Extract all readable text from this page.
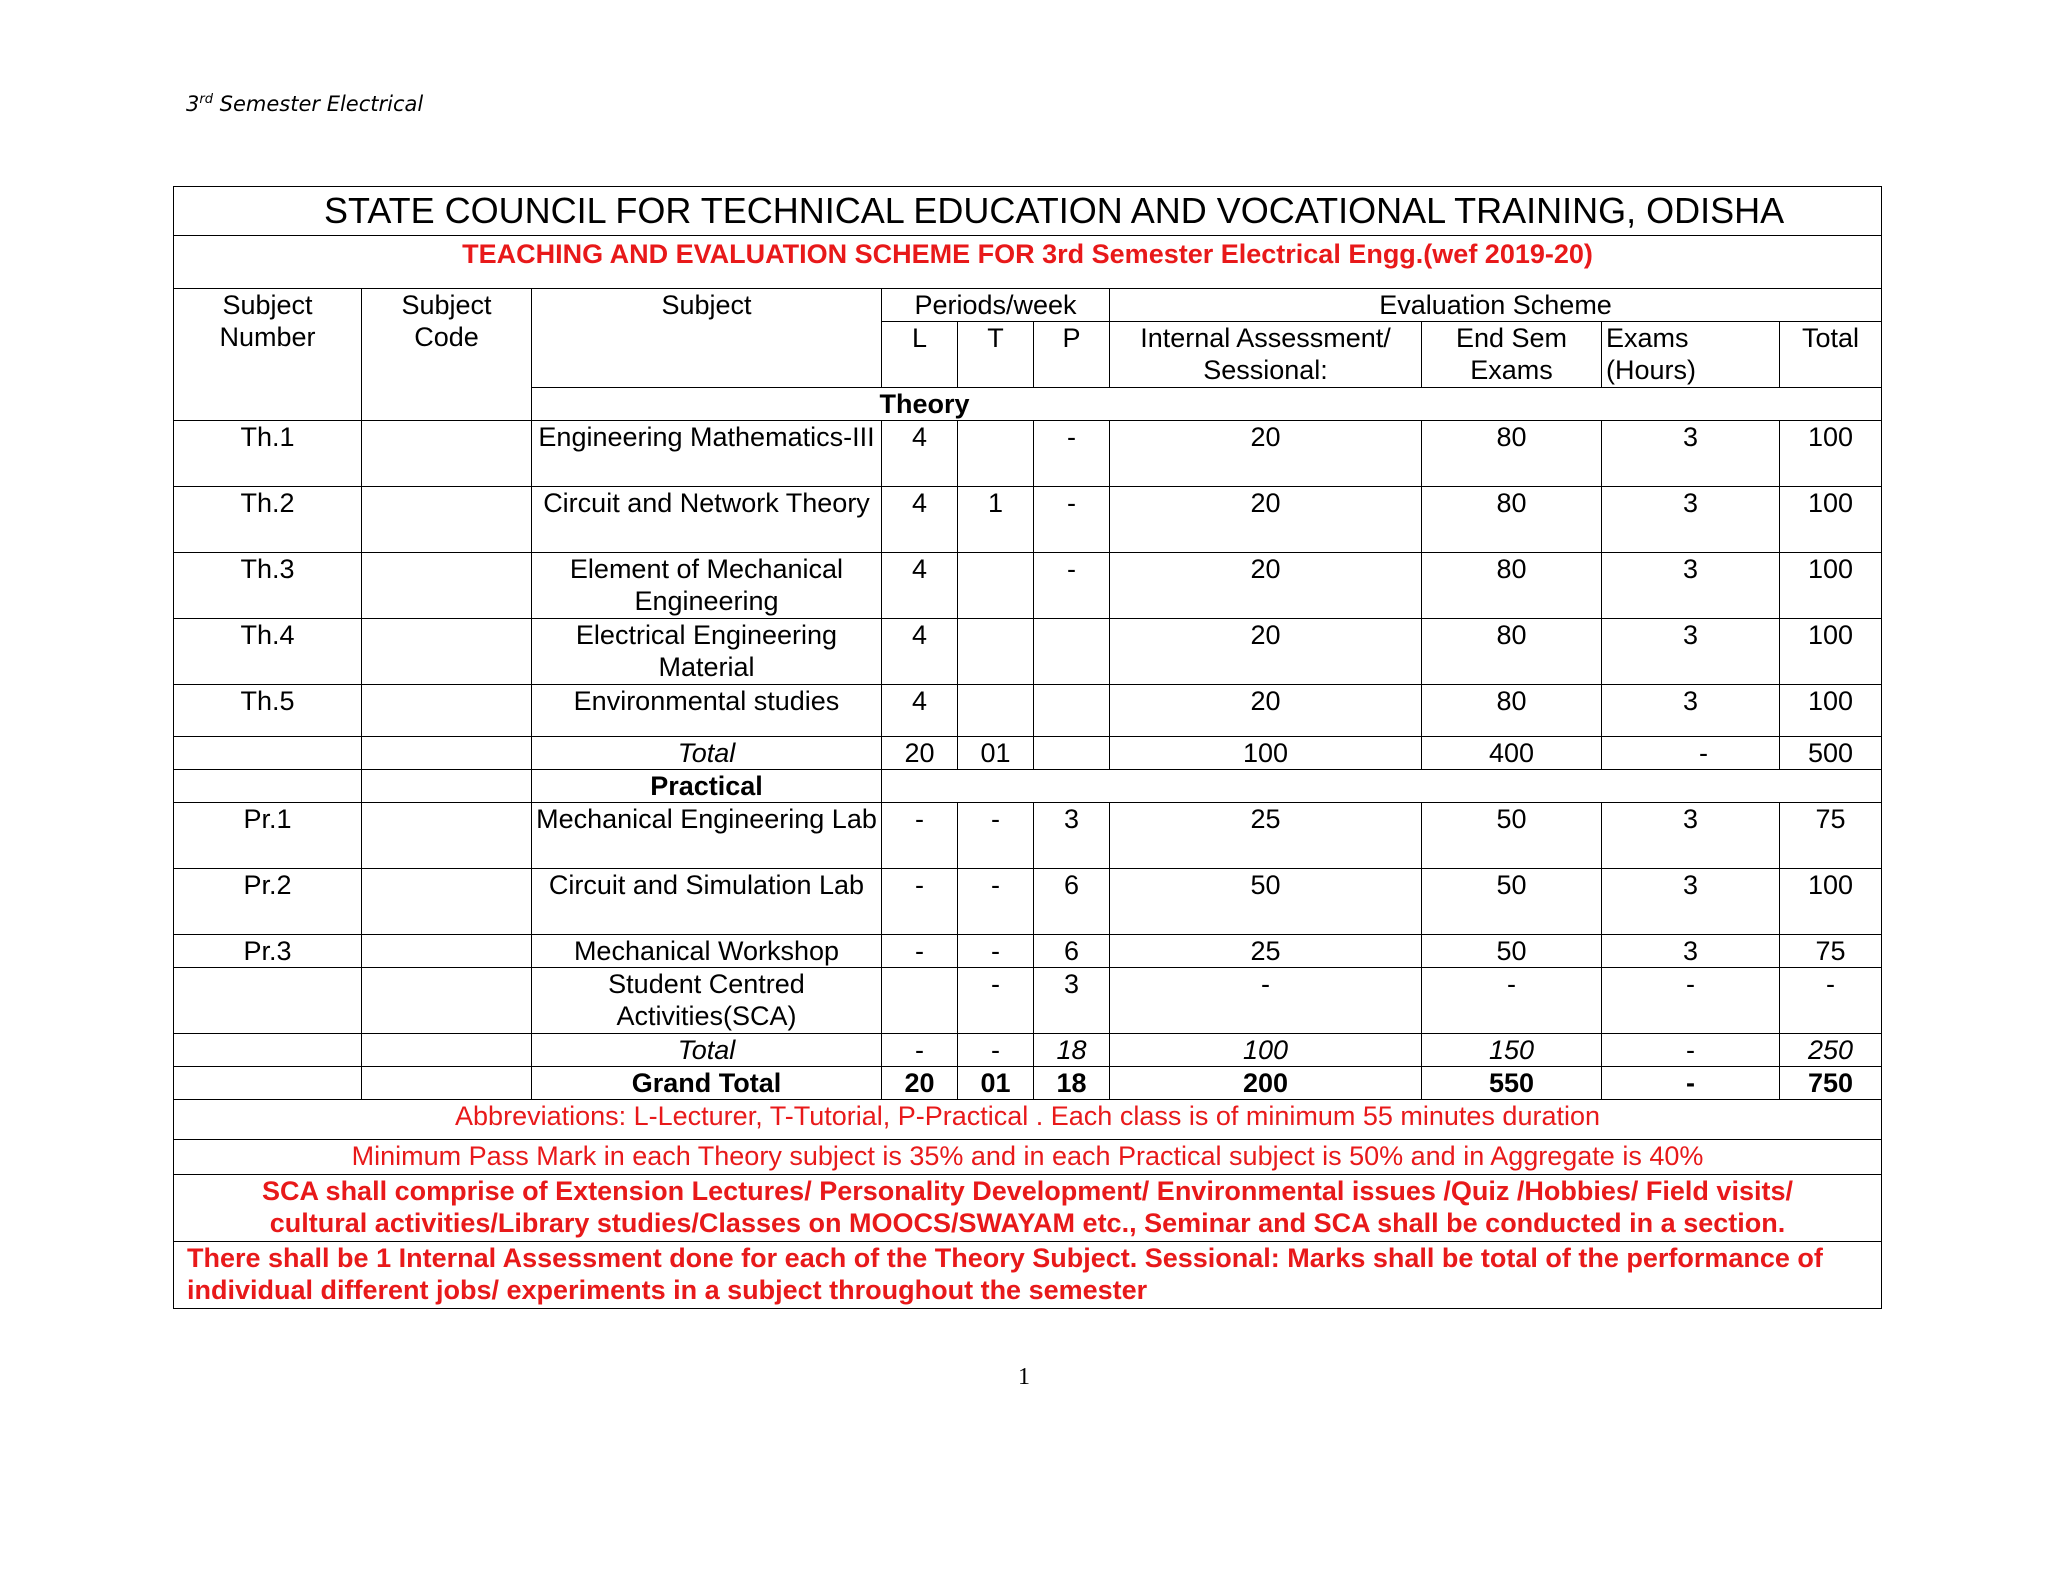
3rd Semester Electrical
STATE COUNCIL FOR TECHNICAL EDUCATION AND VOCATIONAL TRAINING, ODISHA									
TEACHING AND EVALUATION SCHEME FOR 3rd Semester Electrical Engg.(wef 2019-20)									
Subject Number	Subject Code	Subject	Periods/week			Evaluation Scheme			
			L	T	P	Internal Assessment/ Sessional:	End Sem Exams	Exams (Hours)	Total
		Theory							
Th.1		Engineering Mathematics-III	4		-	20	80	3	100
Th.2		Circuit and Network Theory	4	1	-	20	80	3	100
Th.3		Element of Mechanical Engineering	4		-	20	80	3	100
Th.4		Electrical Engineering Material	4			20	80	3	100
Th.5		Environmental studies	4			20	80	3	100
		Total	20	01		100	400	-	500
		Practical							
Pr.1		Mechanical Engineering Lab	-	-	3	25	50	3	75
Pr.2		Circuit and Simulation Lab	-	-	6	50	50	3	100
Pr.3		Mechanical Workshop	-	-	6	25	50	3	75
		Student Centred Activities(SCA)		-	3	-	-	-	-
		Total	-	-	18	100	150	-	250
		Grand Total	20	01	18	200	550	-	750
Abbreviations: L-Lecturer, T-Tutorial, P-Practical . Each class is of minimum 55 minutes duration									
Minimum Pass Mark in each Theory subject is 35% and in each Practical subject is 50% and in Aggregate is 40%									
SCA shall comprise of Extension Lectures/ Personality Development/ Environmental issues /Quiz /Hobbies/ Field visits/ cultural activities/Library studies/Classes on MOOCS/SWAYAM etc., Seminar and SCA shall be conducted in a section.									
There shall be 1 Internal Assessment done for each of the Theory Subject. Sessional: Marks shall be total of the performance of individual different jobs/ experiments in a subject throughout the semester									
1
